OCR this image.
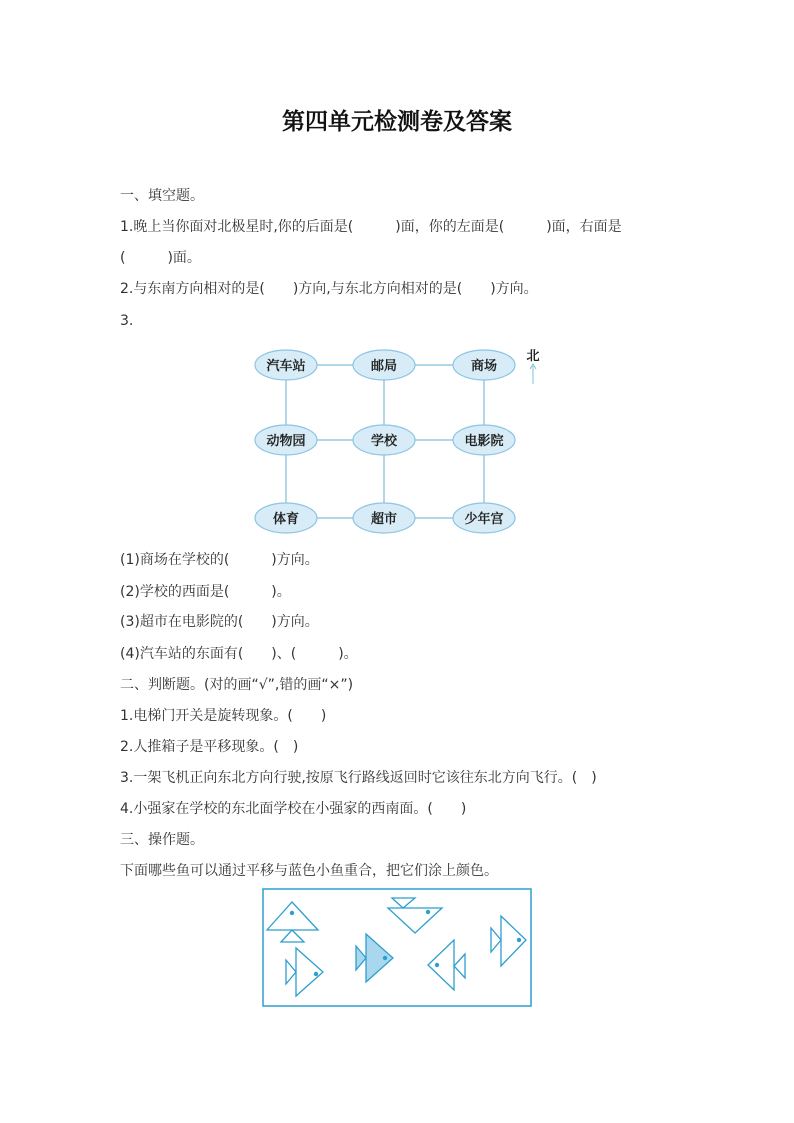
第四单元检测卷及答案
一、填空题。
1.晚上当你面对北极星时,你的后面是(　　　)面，你的左面是(　　　)面，右面是
(　　　)面。
2.与东南方向相对的是(　　)方向,与东北方向相对的是(　　)方向。
3.
汽车站	邮局	商场
动物园	学校	电影院
体育	超市	少年宫
北
(1)商场在学校的(　　　)方向。
(2)学校的西面是(　　　)。
(3)超市在电影院的(　　)方向。
(4)汽车站的东面有(　　)、(　　　)。
二、判断题。(对的画“√”,错的画“×”)
1.电梯门开关是旋转现象。(　　)
2.人推箱子是平移现象。(　)
3.一架飞机正向东北方向行驶,按原飞行路线返回时它该往东北方向飞行。(　)
4.小强家在学校的东北面学校在小强家的西南面。(　　)
三、操作题。
下面哪些鱼可以通过平移与蓝色小鱼重合，把它们涂上颜色。
